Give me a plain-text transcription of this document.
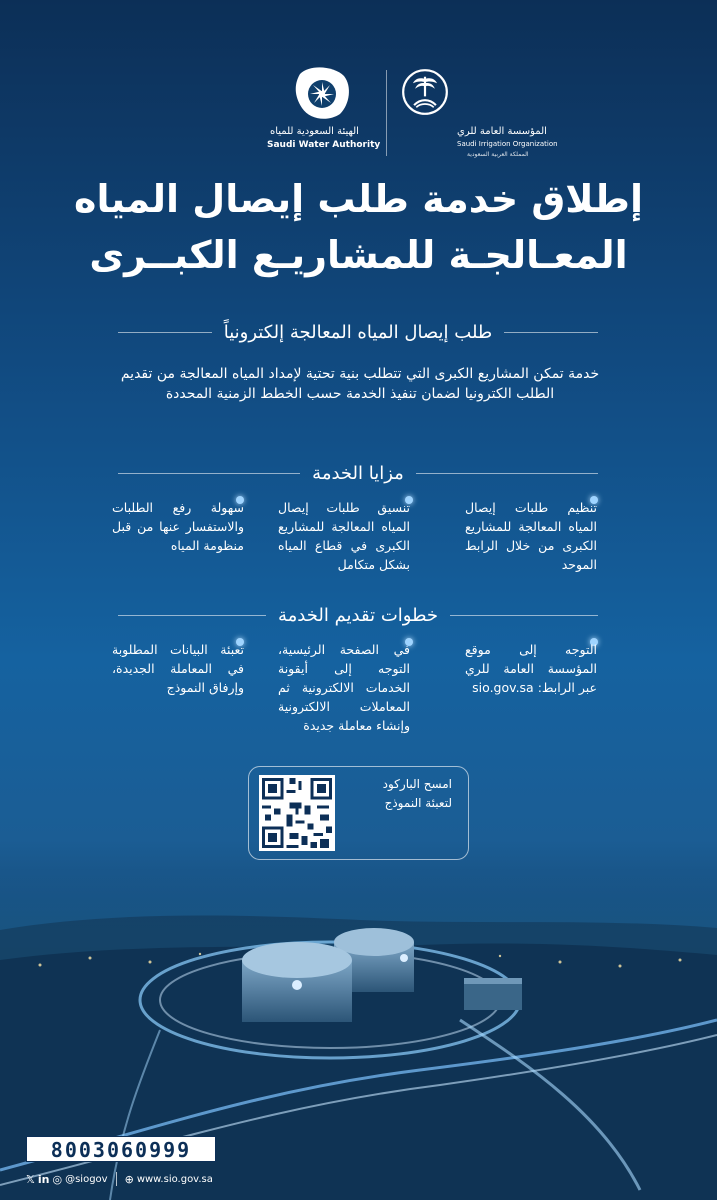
الهيئة السعودية للمياه
Saudi Water Authority
المؤسسة العامة للري
Saudi Irrigation Organization
المملكة العربية السعودية
إطلاق خدمة طلب إيصال المياه
المعـالجـة للمشاريـع الكبــرى
طلب إيصال المياه المعالجة إلكترونياً
خدمة تمكن المشاريع الكبرى التي تتطلب بنية تحتية لإمداد المياه المعالجة من تقديم الطلب الكترونيا لضمان تنفيذ الخدمة حسب الخطط الزمنية المحددة
مزايا الخدمة
تنظيم طلبات إيصال المياه المعالجة للمشاريع الكبرى من خلال الرابط الموحد
تنسيق طلبات إيصال المياه المعالجة للمشاريع الكبرى في قطاع المياه بشكل متكامل
سهولة رفع الطلبات والاستفسار عنها من قبل منظومة المياه
خطوات تقديم الخدمة
التوجه إلى موقع المؤسسة العامة للري عبر الرابط: sio.gov.sa
في الصفحة الرئيسية، التوجه إلى أيقونة الخدمات الالكترونية ثم المعاملات الالكترونية وإنشاء معاملة جديدة
تعبئة البيانات المطلوبة في المعاملة الجديدة، وإرفاق النموذج
امسح الباركود لتعبئة النموذج
8003060999
𝕏 in ◎ @siogov ⊕ www.sio.gov.sa
